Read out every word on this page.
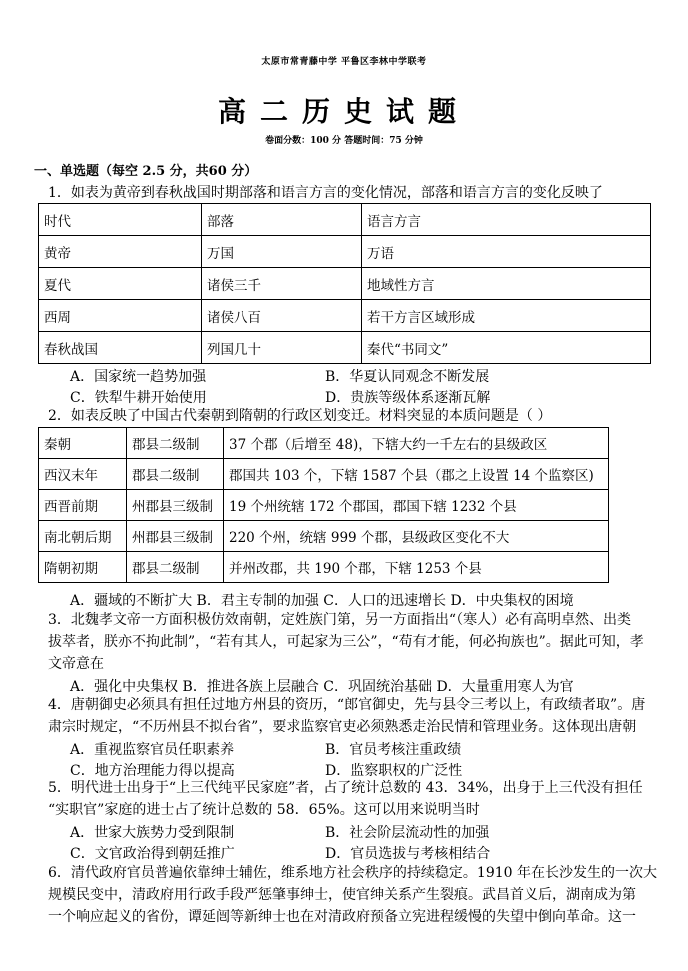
太原市常青藤中学 平鲁区李林中学联考
高二历史试题
卷面分数：100 分 答题时间：75 分钟
一、单选题（每空 2.5 分，共60 分）
1．如表为黄帝到春秋战国时期部落和语言方言的变化情况，部落和语言方言的变化反映了
时代	部落	语言方言
黄帝	万国	万语
夏代	诸侯三千	地域性方言
西周	诸侯八百	若干方言区域形成
春秋战国	列国几十	秦代“书同文”
A．国家统一趋势加强	B．华夏认同观念不断发展
C．铁犁牛耕开始使用	D．贵族等级体系逐渐瓦解
2．如表反映了中国古代秦朝到隋朝的行政区划变迁。材料突显的本质问题是（ ）
秦朝	郡县二级制	37 个郡（后增至 48)，下辖大约一千左右的县级政区
西汉末年	郡县二级制	郡国共 103 个，下辖 1587 个县（郡之上设置 14 个监察区)
西晋前期	州郡县三级制	19 个州统辖 172 个郡国，郡国下辖 1232 个县
南北朝后期	州郡县三级制	220 个州，统辖 999 个郡，县级政区变化不大
隋朝初期	郡县二级制	并州改郡，共 190 个郡，下辖 1253 个县
A．疆域的不断扩大 B．君主专制的加强 C．人口的迅速增长 D．中央集权的困境
3．北魏孝文帝一方面积极仿效南朝，定姓族门第，另一方面指出“（寒人）必有高明卓然、出类
拔萃者，朕亦不拘此制”，“若有其人，可起家为三公”，“苟有才能，何必拘族也”。据此可知，孝
文帝意在
A．强化中央集权 B．推进各族上层融合 C．巩固统治基础 D．大量重用寒人为官
4．唐朝御史必须具有担任过地方州县的资历，“郎官御史，先与县令三考以上，有政绩者取”。唐
肃宗时规定，“不历州县不拟台省”，要求监察官吏必须熟悉走治民情和管理业务。这体现出唐朝
A．重视监察官员任职素养	B．官员考核注重政绩
C．地方治理能力得以提高	D．监察职权的广泛性
5．明代进士出身于“上三代纯平民家庭”者，占了统计总数的 43．34%，出身于上三代没有担任
“实职官”家庭的进士占了统计总数的 58．65%。这可以用来说明当时
A．世家大族势力受到限制	B．社会阶层流动性的加强
C．文官政治得到朝廷推广	D．官员选拔与考核相结合
6．清代政府官员普遍依靠绅士辅佐，维系地方社会秩序的持续稳定。1910 年在长沙发生的一次大
规模民变中，清政府用行政手段严惩肇事绅士，使官绅关系产生裂痕。武昌首义后，湖南成为第
一个响应起义的省份，谭延闿等新绅士也在对清政府预备立宪进程缓慢的失望中倒向革命。这一
